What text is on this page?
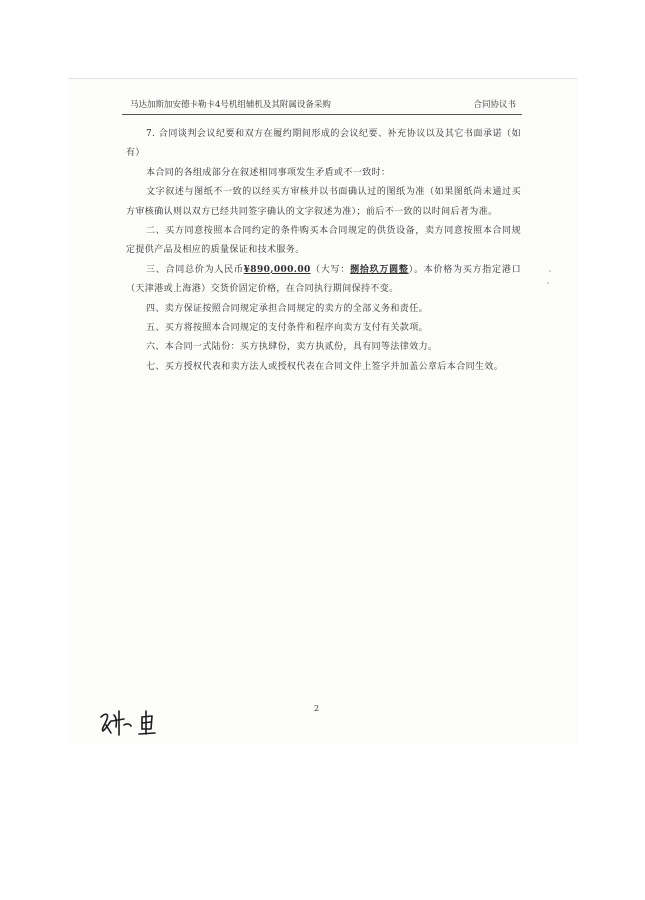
马达加斯加安德卡勒卡4号机组辅机及其附属设备采购	合同协议书

7. 合同谈判会议纪要和双方在履约期间形成的会议纪要、补充协议以及其它书面承诺（如有）

本合同的各组成部分在叙述相同事项发生矛盾或不一致时：

文字叙述与图纸不一致的以经买方审核并以书面确认过的图纸为准（如果图纸尚未通过买方审核确认则以双方已经共同签字确认的文字叙述为准）；前后不一致的以时间后者为准。

二、买方同意按照本合同约定的条件购买本合同规定的供货设备，卖方同意按照本合同规定提供产品及相应的质量保证和技术服务。

三、合同总价为人民币¥890,000.00（大写：捌拾玖万圆整）。本价格为买方指定港口（天津港或上海港）交货价固定价格，在合同执行期间保持不变。

四、卖方保证按照合同规定承担合同规定的卖方的全部义务和责任。

五、买方将按照本合同规定的支付条件和程序向卖方支付有关款项。

六、本合同一式陆份：买方执肆份，卖方执贰份，具有同等法律效力。

七、买方授权代表和卖方法人或授权代表在合同文件上签字并加盖公章后本合同生效。

2
